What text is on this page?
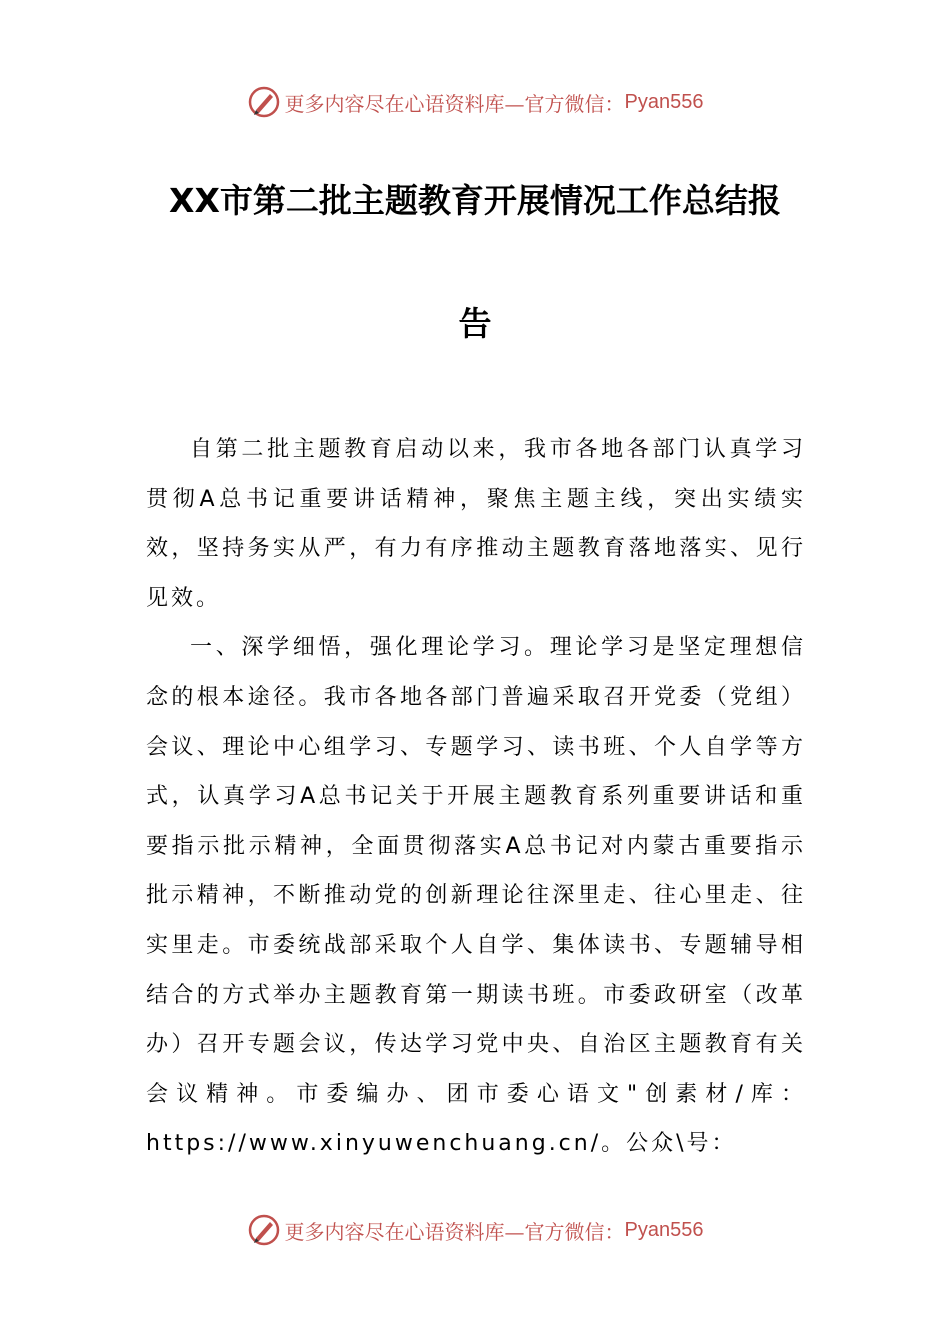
更多内容尽在心语资料库—官方微信： Pyan556
XX市第二批主题教育开展情况工作总结报
告

自第二批主题教育启动以来，我市各地各部门认真学习贯彻A总书记重要讲话精神，聚焦主题主线，突出实绩实效，坚持务实从严，有力有序推动主题教育落地落实、见行见效。

一、深学细悟，强化理论学习。理论学习是坚定理想信念的根本途径。我市各地各部门普遍采取召开党委（党组）会议、理论中心组学习、专题学习、读书班、个人自学等方式，认真学习A总书记关于开展主题教育系列重要讲话和重要指示批示精神，全面贯彻落实A总书记对内蒙古重要指示批示精神，不断推动党的创新理论往深里走、往心里走、往实里走。市委统战部采取个人自学、集体读书、专题辅导相结合的方式举办主题教育第一期读书班。市委政研室（改革办）召开专题会议，传达学习党中央、自治区主题教育有关会议精神。市委编办、团市委心语文"创素材/库：https://www.xinyuwenchuang.cn/。公众\号：

更多内容尽在心语资料库—官方微信： Pyan556
